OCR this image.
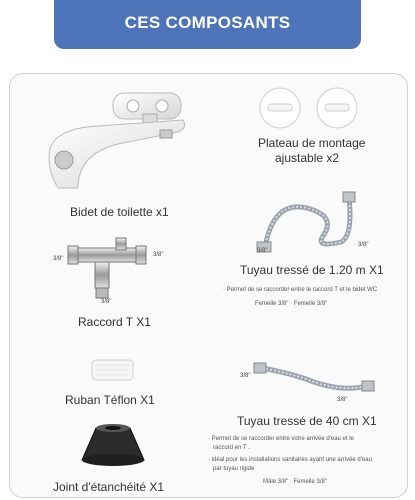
CES COMPOSANTS
Bidet de toilette x1
Plateau de montage
ajustable x2
3/8"
3/8"
Tuyau tressé de 1.20 m X1
· Permet de se raccorder entre le raccord T et le bidet WC
Femelle 3/8" · Femelle 3/8"
3/8"
3/8"
3/8"
Raccord T X1
3/8"
3/8"
Tuyau tressé de 40 cm X1
· Permet de se raccorder entre votre arrivée d'eau et le
raccord en T .
· idéal pour les installations sanitaires ayant une arrivée d'eau
par tuyau rigide
Mâle 3/8" · Femelle 3/8"
Ruban Téflon X1
Joint d'étanchéité X1
